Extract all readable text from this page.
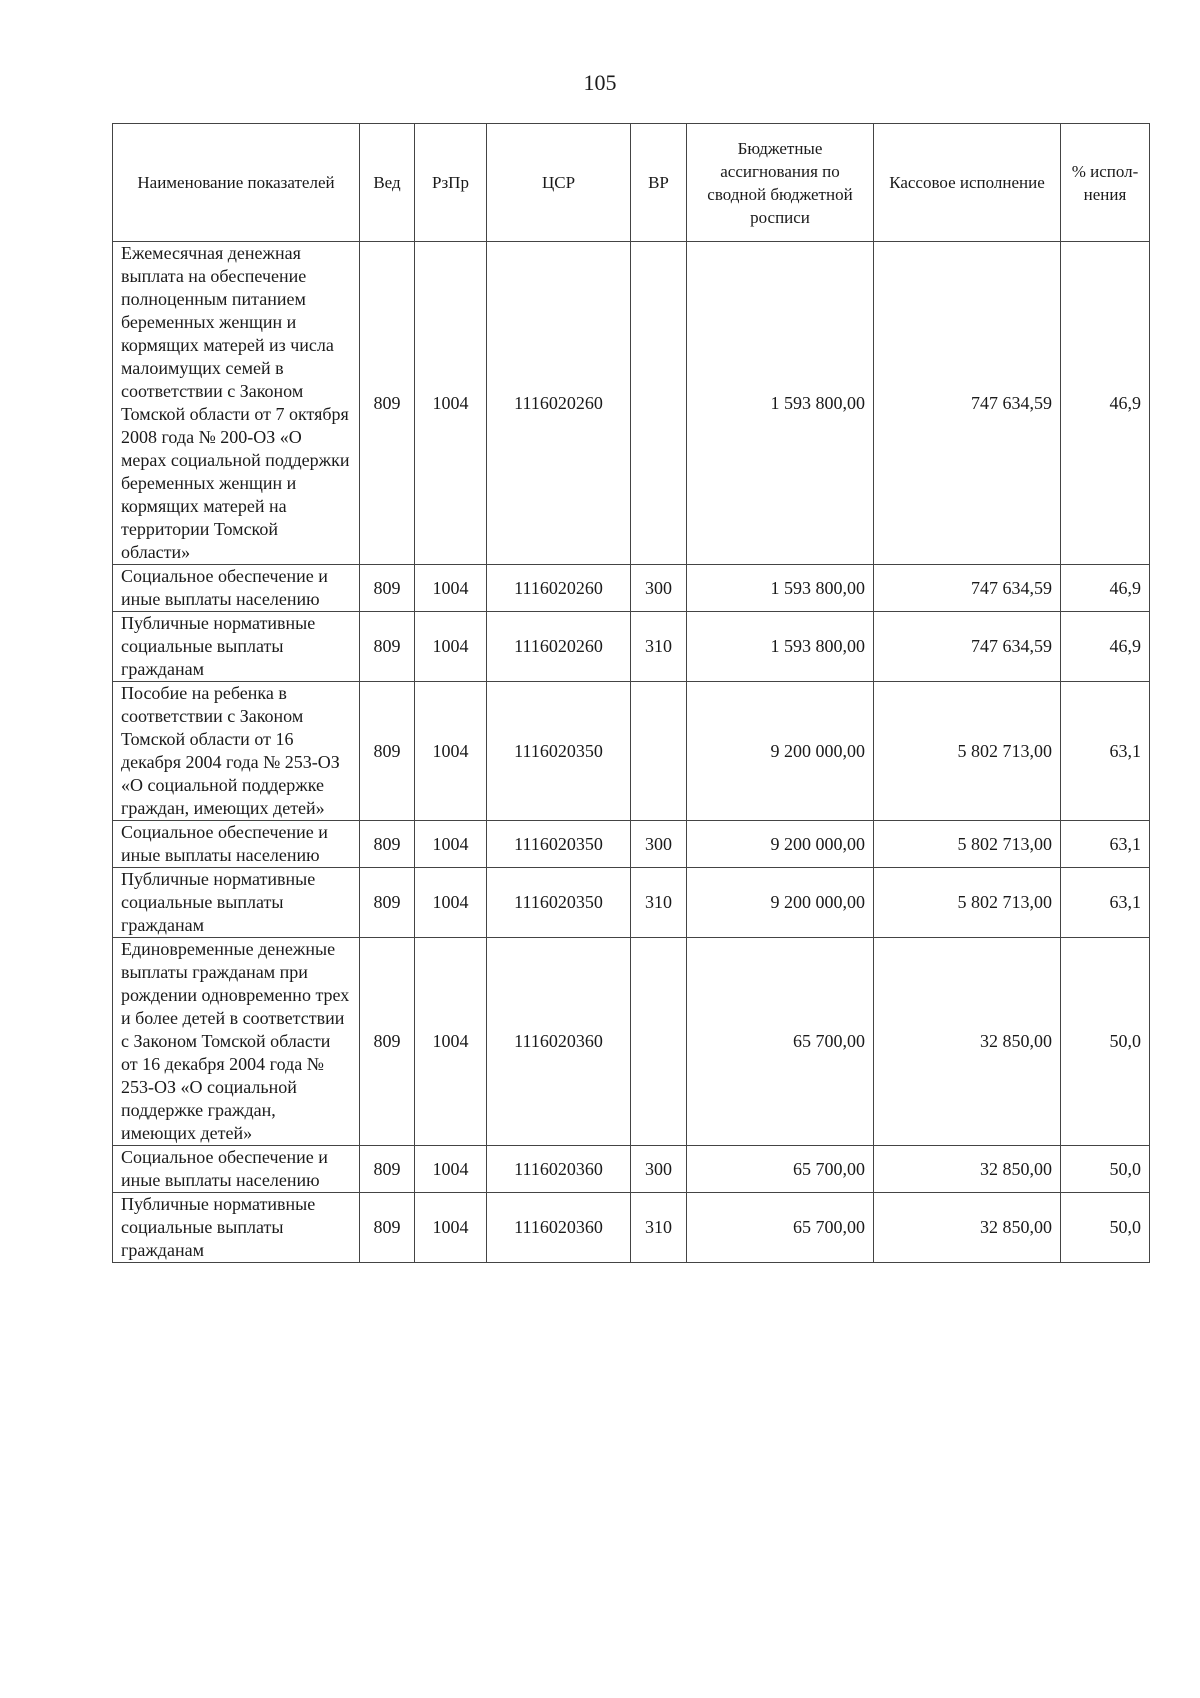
105
Наименование показателей	Вед	РзПр	ЦСР	ВР	Бюджетные ассигнования по сводной бюджетной росписи	Кассовое исполнение	% испол-нения
Ежемесячная денежная выплата на обеспечение полноценным питанием беременных женщин и кормящих матерей из числа малоимущих семей в соответствии с Законом Томской области от 7 октября 2008 года № 200-ОЗ «О мерах социальной поддержки беременных женщин и кормящих матерей на территории Томской области»	809	1004	1116020260		1 593 800,00	747 634,59	46,9
Социальное обеспечение и иные выплаты населению	809	1004	1116020260	300	1 593 800,00	747 634,59	46,9
Публичные нормативные социальные выплаты гражданам	809	1004	1116020260	310	1 593 800,00	747 634,59	46,9
Пособие на ребенка в соответствии с Законом Томской области от 16 декабря 2004 года № 253-ОЗ «О социальной поддержке граждан, имеющих детей»	809	1004	1116020350		9 200 000,00	5 802 713,00	63,1
Социальное обеспечение и иные выплаты населению	809	1004	1116020350	300	9 200 000,00	5 802 713,00	63,1
Публичные нормативные социальные выплаты гражданам	809	1004	1116020350	310	9 200 000,00	5 802 713,00	63,1
Единовременные денежные выплаты гражданам при рождении одновременно трех и более детей в соответствии с Законом Томской области от 16 декабря 2004 года № 253-ОЗ «О социальной поддержке граждан, имеющих детей»	809	1004	1116020360		65 700,00	32 850,00	50,0
Социальное обеспечение и иные выплаты населению	809	1004	1116020360	300	65 700,00	32 850,00	50,0
Публичные нормативные социальные выплаты гражданам	809	1004	1116020360	310	65 700,00	32 850,00	50,0
